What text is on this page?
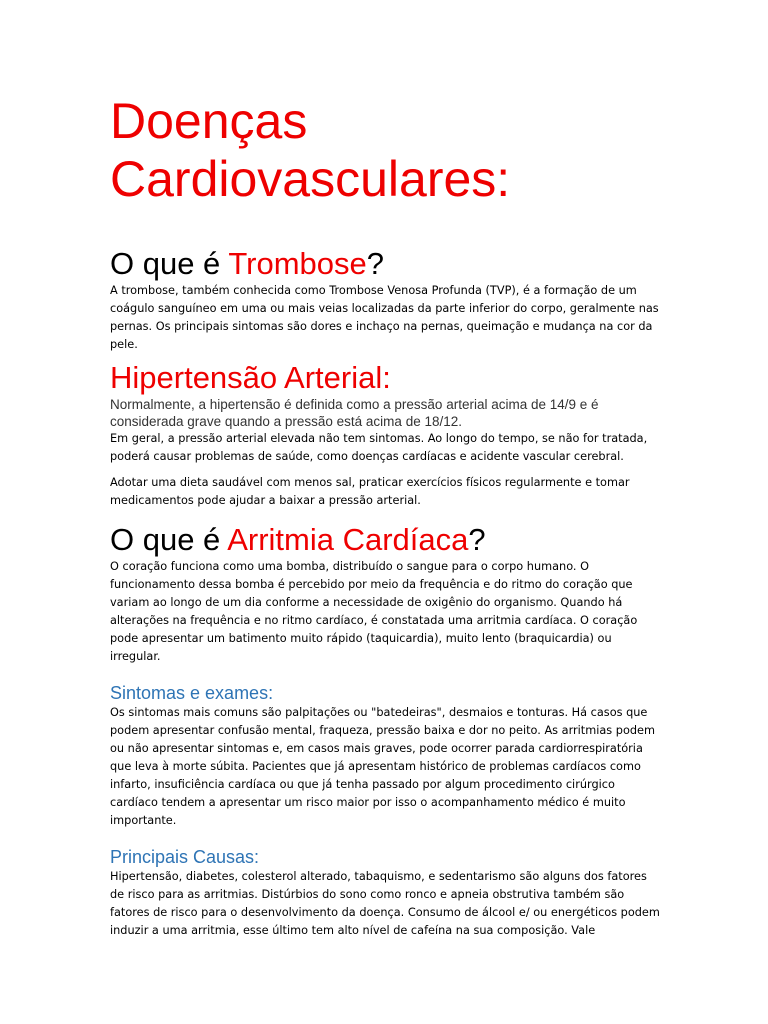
Doenças
Cardiovasculares:
O que é Trombose?

A trombose, também conhecida como Trombose Venosa Profunda (TVP), é a formação de um coágulo sanguíneo em uma ou mais veias localizadas da parte inferior do corpo, geralmente nas pernas. Os principais sintomas são dores e inchaço na pernas, queimação e mudança na cor da pele.

Hipertensão Arterial:

Normalmente, a hipertensão é definida como a pressão arterial acima de 14/9 e é considerada grave quando a pressão está acima de 18/12.

Em geral, a pressão arterial elevada não tem sintomas. Ao longo do tempo, se não for tratada, poderá causar problemas de saúde, como doenças cardíacas e acidente vascular cerebral.

Adotar uma dieta saudável com menos sal, praticar exercícios físicos regularmente e tomar medicamentos pode ajudar a baixar a pressão arterial.

O que é Arritmia Cardíaca?

O coração funciona como uma bomba, distribuído o sangue para o corpo humano. O funcionamento dessa bomba é percebido por meio da frequência e do ritmo do coração que variam ao longo de um dia conforme a necessidade de oxigênio do organismo. Quando há alterações na frequência e no ritmo cardíaco, é constatada uma arritmia cardíaca. O coração pode apresentar um batimento muito rápido (taquicardia), muito lento (braquicardia) ou irregular.

Sintomas e exames:

Os sintomas mais comuns são palpitações ou "batedeiras", desmaios e tonturas. Há casos que podem apresentar confusão mental, fraqueza, pressão baixa e dor no peito. As arritmias podem ou não apresentar sintomas e, em casos mais graves, pode ocorrer parada cardiorrespiratória que leva à morte súbita. Pacientes que já apresentam histórico de problemas cardíacos como infarto, insuficiência cardíaca ou que já tenha passado por algum procedimento cirúrgico cardíaco tendem a apresentar um risco maior por isso o acompanhamento médico é muito importante.

Principais Causas:

Hipertensão, diabetes, colesterol alterado, tabaquismo, e sedentarismo são alguns dos fatores de risco para as arritmias. Distúrbios do sono como ronco e apneia obstrutiva também são fatores de risco para o desenvolvimento da doença. Consumo de álcool e/ ou energéticos podem induzir a uma arritmia, esse último tem alto nível de cafeína na sua composição. Vale
